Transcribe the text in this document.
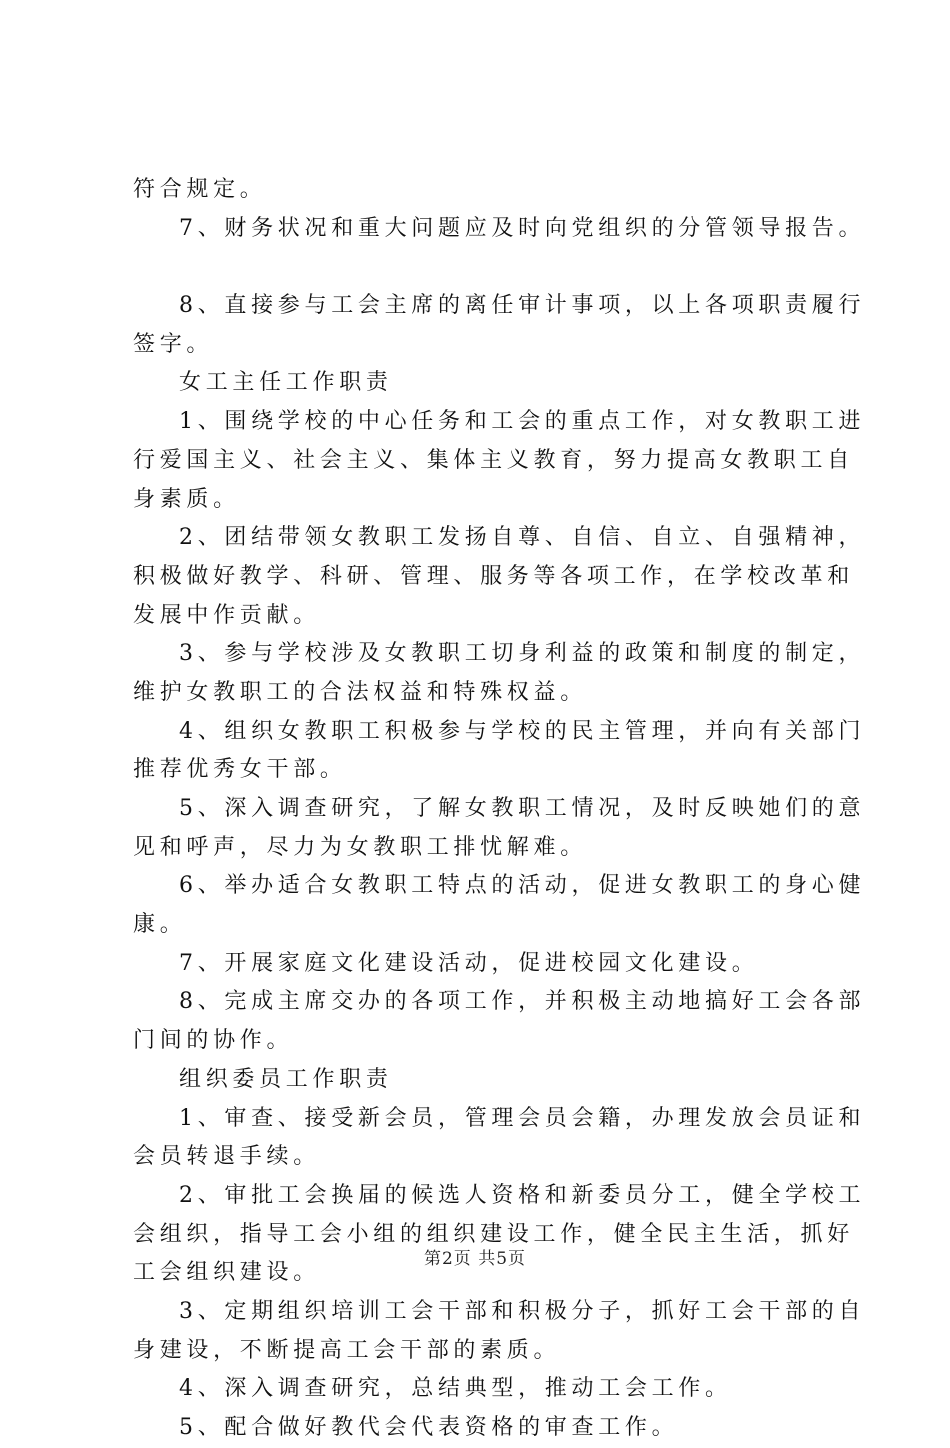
符合规定。
7、财务状况和重大问题应及时向党组织的分管领导报告。
8、直接参与工会主席的离任审计事项，以上各项职责履行
签字。
女工主任工作职责
1、围绕学校的中心任务和工会的重点工作，对女教职工进
行爱国主义、社会主义、集体主义教育，努力提高女教职工自
身素质。
2、团结带领女教职工发扬自尊、自信、自立、自强精神，
积极做好教学、科研、管理、服务等各项工作，在学校改革和
发展中作贡献。
3、参与学校涉及女教职工切身利益的政策和制度的制定，
维护女教职工的合法权益和特殊权益。
4、组织女教职工积极参与学校的民主管理，并向有关部门
推荐优秀女干部。
5、深入调查研究，了解女教职工情况，及时反映她们的意
见和呼声，尽力为女教职工排忧解难。
6、举办适合女教职工特点的活动，促进女教职工的身心健
康。
7、开展家庭文化建设活动，促进校园文化建设。
8、完成主席交办的各项工作，并积极主动地搞好工会各部
门间的协作。
组织委员工作职责
1、审查、接受新会员，管理会员会籍，办理发放会员证和
会员转退手续。
2、审批工会换届的候选人资格和新委员分工，健全学校工
会组织，指导工会小组的组织建设工作，健全民主生活，抓好
工会组织建设。
3、定期组织培训工会干部和积极分子，抓好工会干部的自
身建设，不断提高工会干部的素质。
4、深入调查研究，总结典型，推动工会工作。
5、配合做好教代会代表资格的审查工作。
第2页 共5页
